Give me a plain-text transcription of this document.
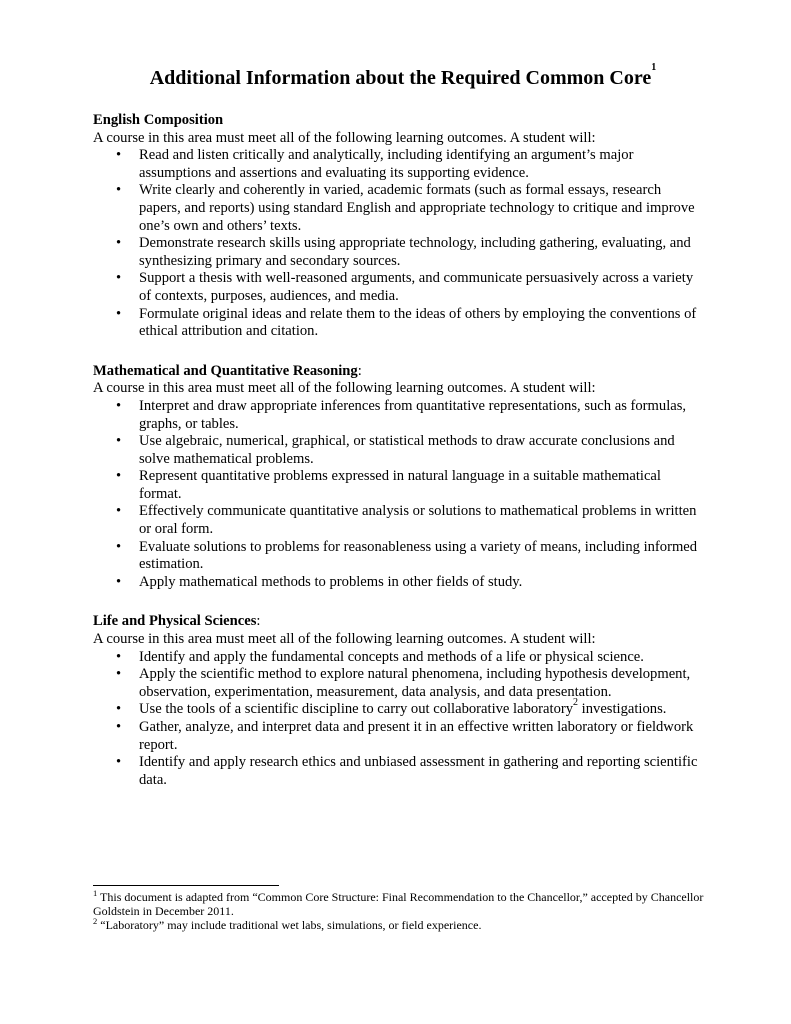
Additional Information about the Required Common Core$^1$
English Composition
A course in this area must meet all of the following learning outcomes. A student will:
• Read and listen critically and analytically, including identifying an argument’s major assumptions and assertions and evaluating its supporting evidence.
• Write clearly and coherently in varied, academic formats (such as formal essays, research papers, and reports) using standard English and appropriate technology to critique and improve one’s own and others’ texts.
• Demonstrate research skills using appropriate technology, including gathering, evaluating, and synthesizing primary and secondary sources.
• Support a thesis with well-reasoned arguments, and communicate persuasively across a variety of contexts, purposes, audiences, and media.
• Formulate original ideas and relate them to the ideas of others by employing the conventions of ethical attribution and citation.
Mathematical and Quantitative Reasoning:
A course in this area must meet all of the following learning outcomes. A student will:
• Interpret and draw appropriate inferences from quantitative representations, such as formulas, graphs, or tables.
• Use algebraic, numerical, graphical, or statistical methods to draw accurate conclusions and solve mathematical problems.
• Represent quantitative problems expressed in natural language in a suitable mathematical format.
• Effectively communicate quantitative analysis or solutions to mathematical problems in written or oral form.
• Evaluate solutions to problems for reasonableness using a variety of means, including informed estimation.
• Apply mathematical methods to problems in other fields of study.
Life and Physical Sciences:
A course in this area must meet all of the following learning outcomes. A student will:
• Identify and apply the fundamental concepts and methods of a life or physical science.
• Apply the scientific method to explore natural phenomena, including hypothesis development, observation, experimentation, measurement, data analysis, and data presentation.
• Use the tools of a scientific discipline to carry out collaborative laboratory$^2$ investigations.
• Gather, analyze, and interpret data and present it in an effective written laboratory or fieldwork report.
• Identify and apply research ethics and unbiased assessment in gathering and reporting scientific data.
$^1$ This document is adapted from “Common Core Structure: Final Recommendation to the Chancellor,” accepted by Chancellor Goldstein in December 2011.
$^2$ “Laboratory” may include traditional wet labs, simulations, or field experience.
